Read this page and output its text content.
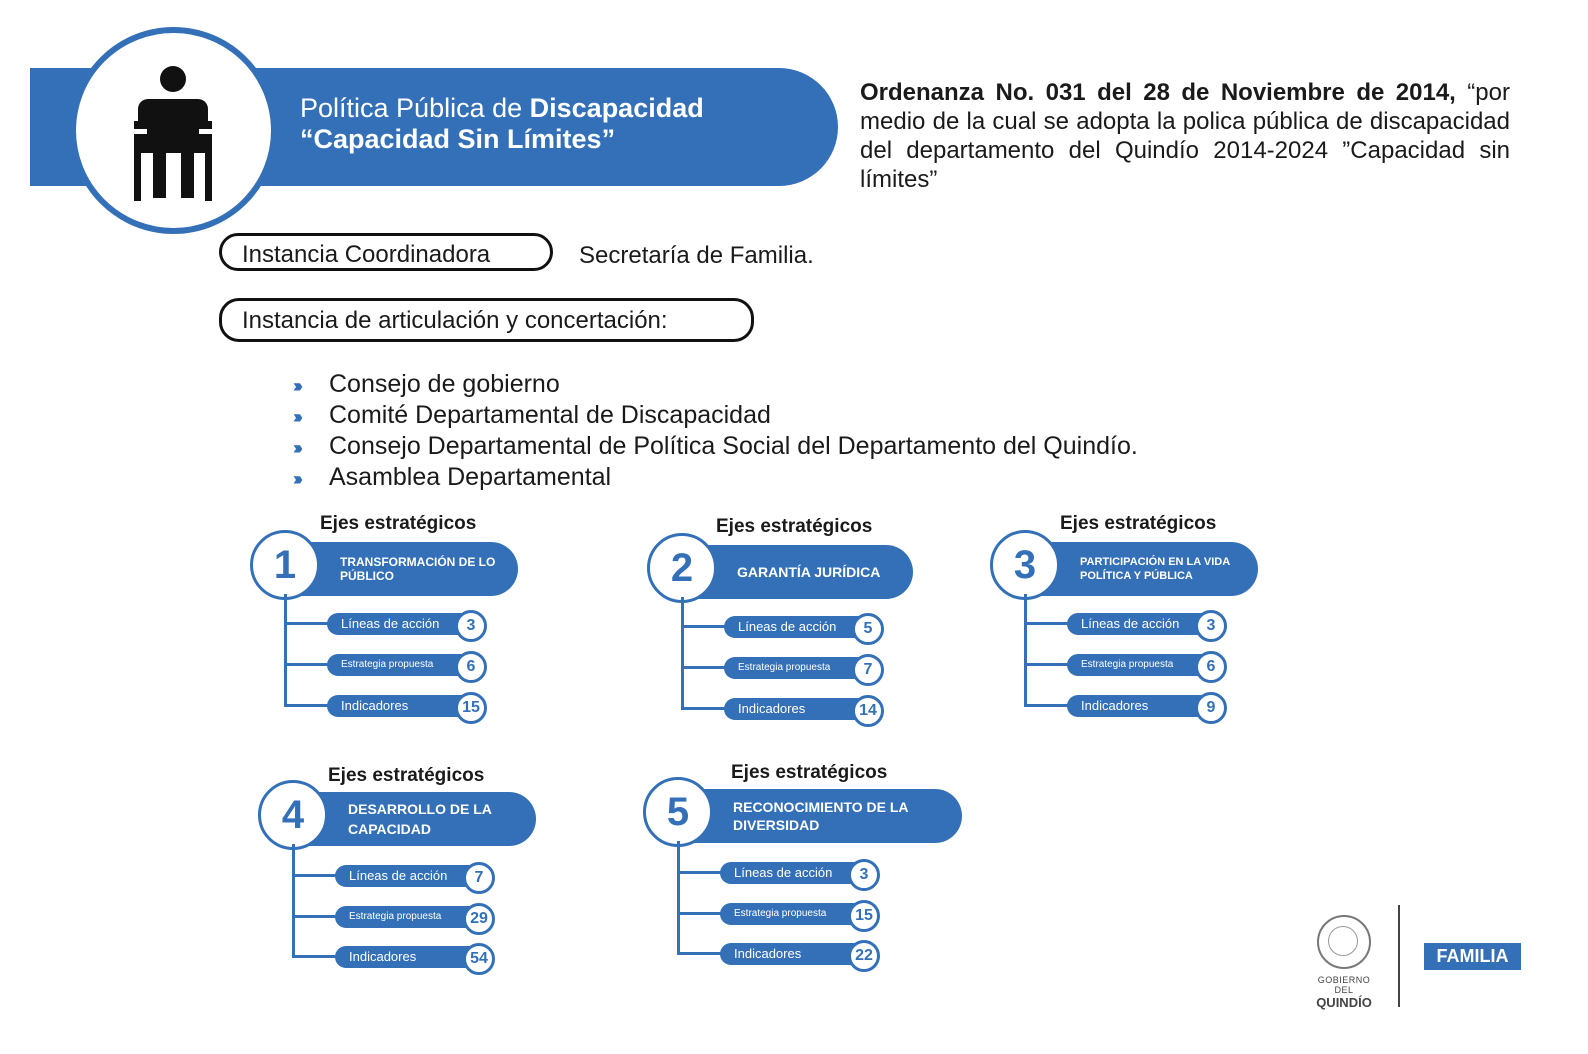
Política Pública de Discapacidad
“Capacidad Sin Límites”
Ordenanza No. 031 del 28 de Noviembre de 2014, “por medio de la cual se adopta la polica pública de discapacidad del departamento del Quindío 2014-2024 ”Capacidad sin límites”
Instancia Coordinadora	Secretaría de Familia.
Instancia de articulación y concertación:
››› Consejo de gobierno
››› Comité Departamental de Discapacidad
››› Consejo Departamental de Política Social del Departamento del Quindío.
››› Asamblea Departamental
Ejes estratégicos
TRANSFORMACIÓN DE LO PÚBLICO
1
Líneas de acción	3
Estrategia propuesta	6
Indicadores	15
Ejes estratégicos
GARANTÍA JURÍDICA
2
Líneas de acción	5
Estrategia propuesta	7
Indicadores	14
Ejes estratégicos
PARTICIPACIÓN EN LA VIDA POLÍTICA Y PÚBLICA
3
Líneas de acción	3
Estrategia propuesta	6
Indicadores	9
Ejes estratégicos
DESARROLLO DE LA CAPACIDAD
4
Líneas de acción	7
Estrategia propuesta	29
Indicadores	54
Ejes estratégicos
RECONOCIMIENTO DE LA DIVERSIDAD
5
Líneas de acción	3
Estrategia propuesta	15
Indicadores	22
GOBIERNO DEL
QUINDÍO
FAMILIA
